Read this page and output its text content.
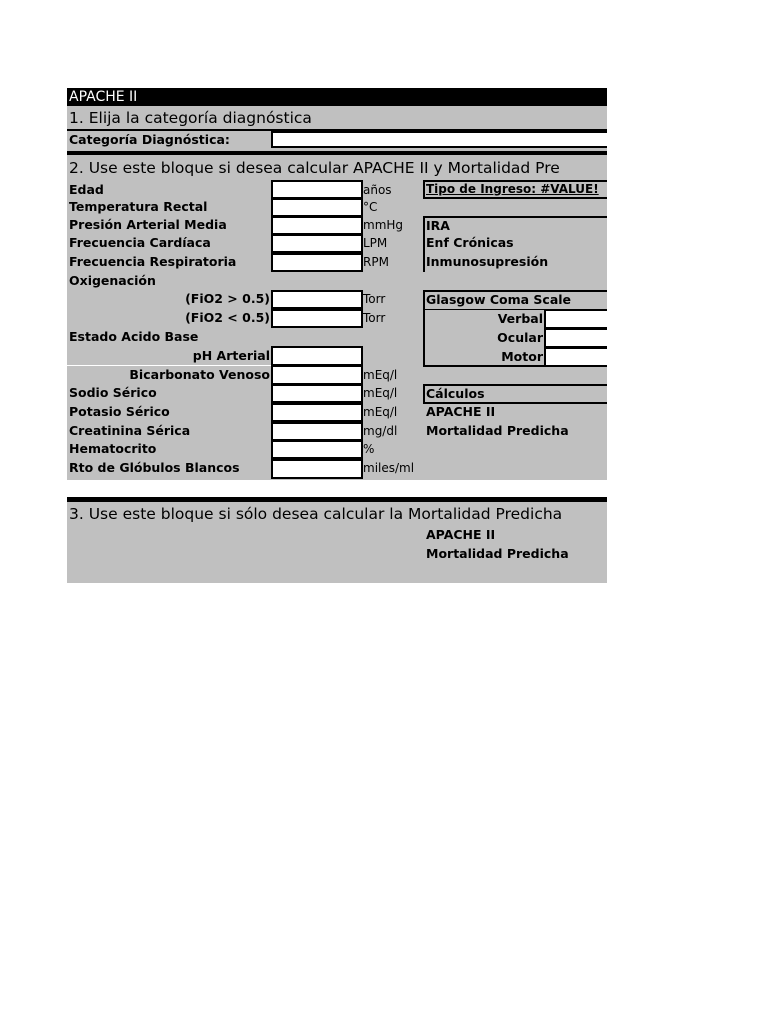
APACHE II
1. Elija la categoría diagnóstica
Categoría Diagnóstica:
2. Use este bloque si desea calcular APACHE II y Mortalidad Pre
Edad	años
Temperatura Rectal	°C
Presión Arterial Media	mmHg
Frecuencia Cardíaca	LPM
Frecuencia Respiratoria	RPM
Oxigenación
(FiO2 > 0.5)	Torr
(FiO2 < 0.5)	Torr
Estado Acido Base
pH Arterial
Bicarbonato Venoso	mEq/l
Sodio Sérico	mEq/l
Potasio Sérico	mEq/l
Creatinina Sérica	mg/dl
Hematocrito	%
Rto de Glóbulos Blancos	miles/ml
Tipo de Ingreso: #VALUE!
IRA
Enf Crónicas
Inmunosupresión
Glasgow Coma Scale
Verbal
Ocular
Motor
Cálculos
APACHE II
Mortalidad Predicha
3. Use este bloque si sólo desea calcular la Mortalidad Predicha
APACHE II
Mortalidad Predicha
